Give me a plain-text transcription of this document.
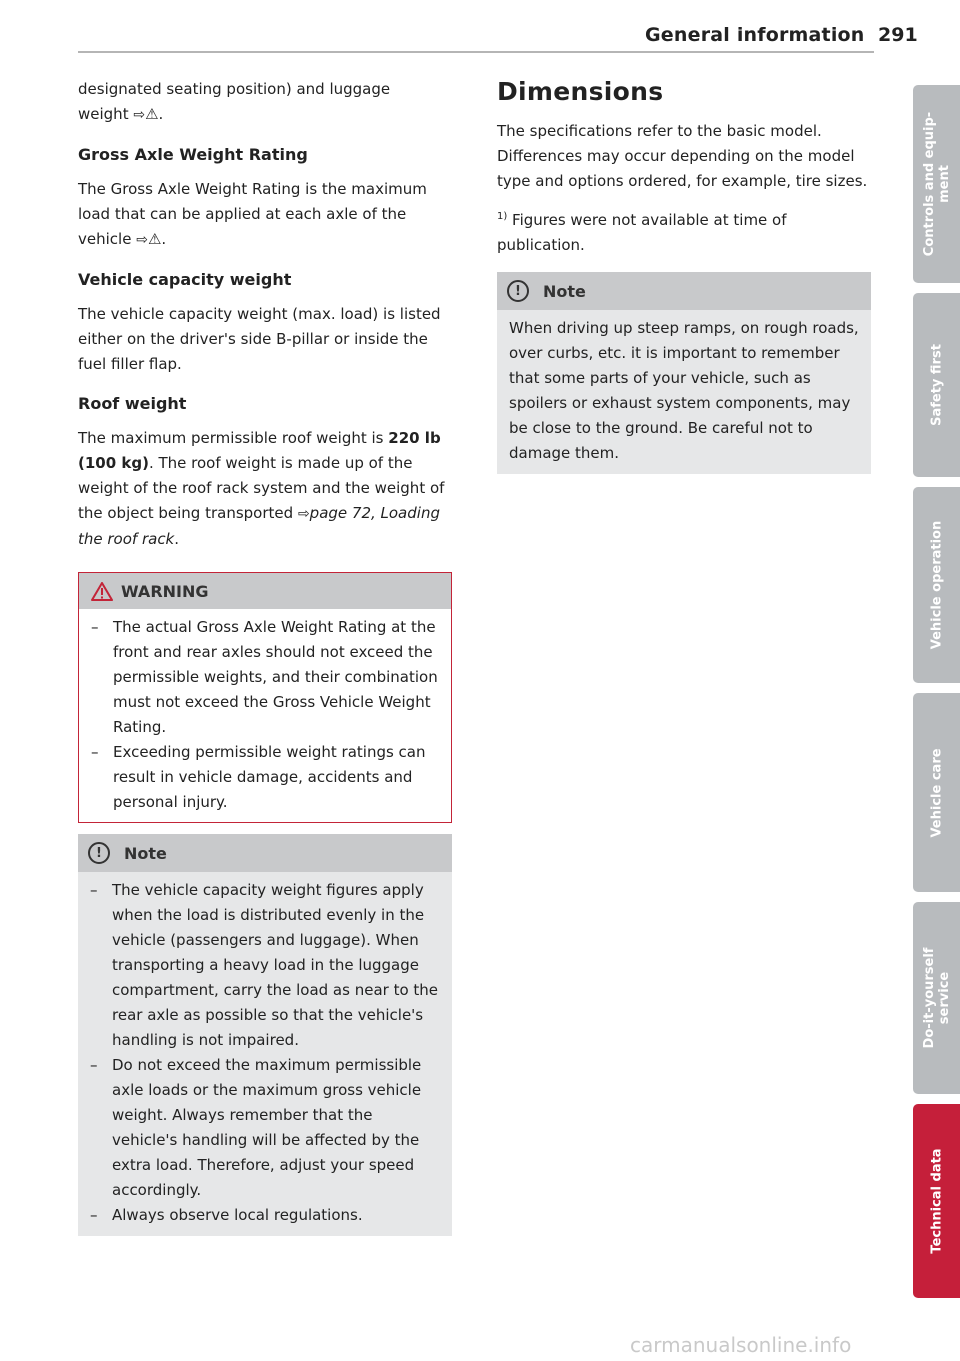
General information 291

designated seating position) and luggage

weight ⇨⚠.

Gross Axle Weight Rating

The Gross Axle Weight Rating is the maximum load that can be applied at each axle of the vehicle ⇨⚠.

Vehicle capacity weight

The vehicle capacity weight (max. load) is listed either on the driver's side B-pillar or inside the fuel filler flap.

Roof weight

The maximum permissible roof weight is 220 lb (100 kg). The roof weight is made up of the weight of the roof rack system and the weight of the object being transported ⇨page 72, Loading the roof rack.

WARNING
– The actual Gross Axle Weight Rating at the front and rear axles should not exceed the permissible weights, and their combination must not exceed the Gross Vehicle Weight Rating.
– Exceeding permissible weight ratings can result in vehicle damage, accidents and personal injury.
!	Note
– The vehicle capacity weight figures apply when the load is distributed evenly in the vehicle (passengers and luggage). When transporting a heavy load in the luggage compartment, carry the load as near to the rear axle as possible so that the vehicle's handling is not impaired.
– Do not exceed the maximum permissible axle loads or the maximum gross vehicle weight. Always remember that the vehicle's handling will be affected by the extra load. Therefore, adjust your speed accordingly.
– Always observe local regulations.
Dimensions

The specifications refer to the basic model. Differences may occur depending on the model type and options ordered, for example, tire sizes.

$^{1)}$ Figures were not available at time of publication.

!	Note

When driving up steep ramps, on rough roads, over curbs, etc. it is important to remember that some parts of your vehicle, such as spoilers or exhaust system components, may be close to the ground. Be careful not to damage them.

Controls and equip-
ment
Safety first
Vehicle operation
Vehicle care
Do-it-yourself
service
Technical data
carmanualsonline.info
